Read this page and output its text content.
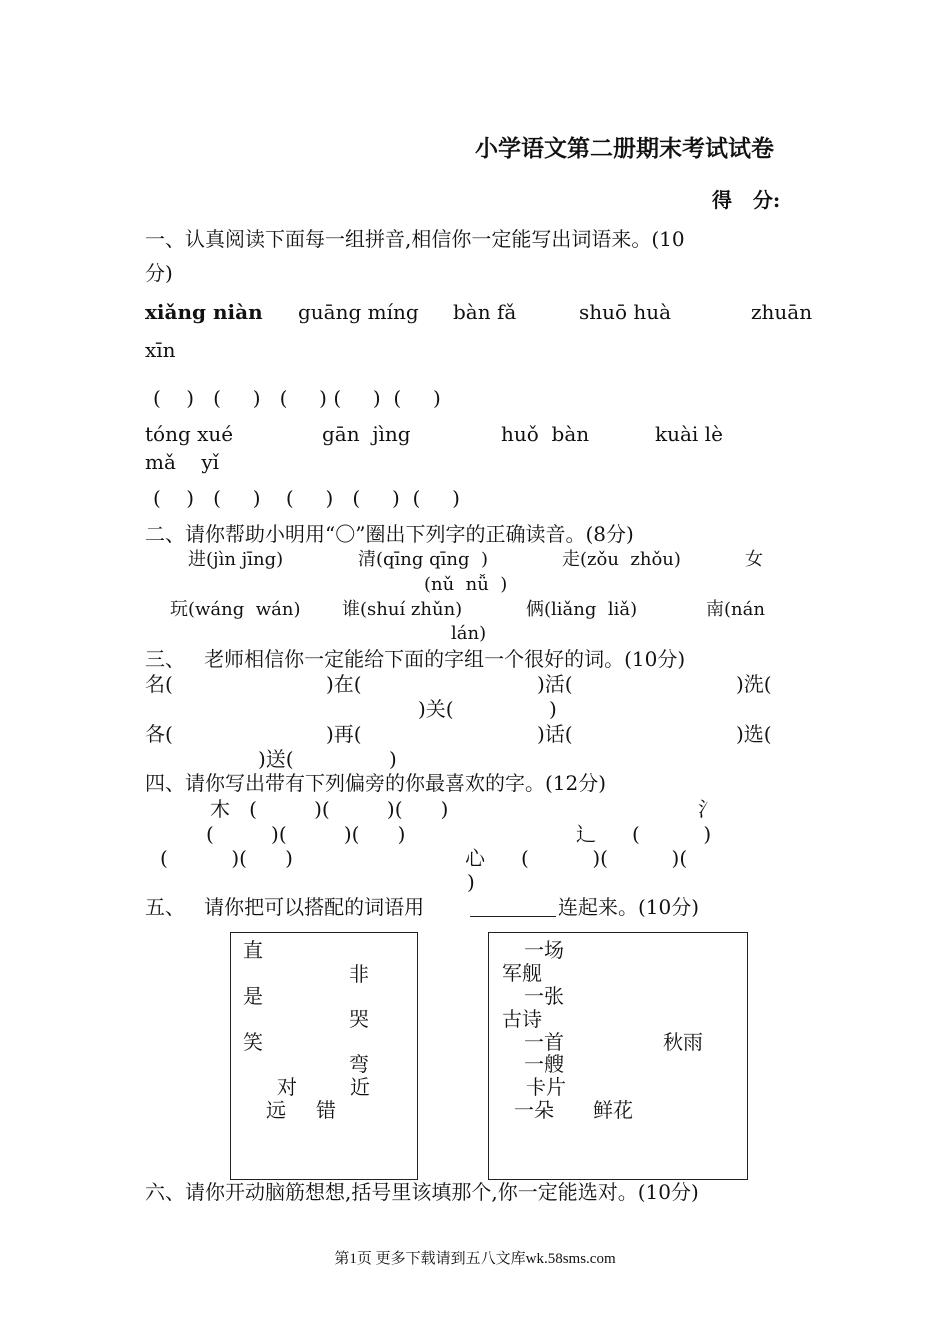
小学语文第二册期末考试试卷
得   分:
一、认真阅读下面每一组拼音,相信你一定能写出词语来。(10
分)
xiǎng niàn guāng míng bàn fǎ	shuō huà	zhuān
xīn
(    )   (     )   (     ) (     )  (     )
tóng xué	gān  jìng	huǒ  bàn	kuài lè
mǎ    yǐ
(    )   (     )    (     )   (     )  (     )
二、请你帮助小明用“〇”圈出下列字的正确读音。(8分)
进(jìn jīng)	清(qīng qīng  )	走(zǒu  zhǒu)	女
(nǔ  nǚ  )
玩(wáng  wán) 谁(shuí zhǔn)	俩(liǎng  liǎ)	南(nán
lán)
三、   老师相信你一定能给下面的字组一个很好的词。(10分)
名(	)在(	)活(	)洗(
)关(               )
各(	)再(	)话(	)选(
)送(               )
四、请你写出带有下列偏旁的你最喜欢的字。(12分)
木   (         )(         )(      )	氵
(         )(         )(      )	辶 (          )
(          )(      )	心 (          )(          )(
)
五、   请你把可以搭配的词语用	连起来。(10分)
直
非
是
哭
笑
弯
对	近
远 错
一场
军舰
一张
古诗
一首	秋雨
一艘
卡片
一朵 鲜花
六、请你开动脑筋想想,括号里该填那个,你一定能选对。(10分)
第1页 更多下载请到五八文库wk.58sms.com
